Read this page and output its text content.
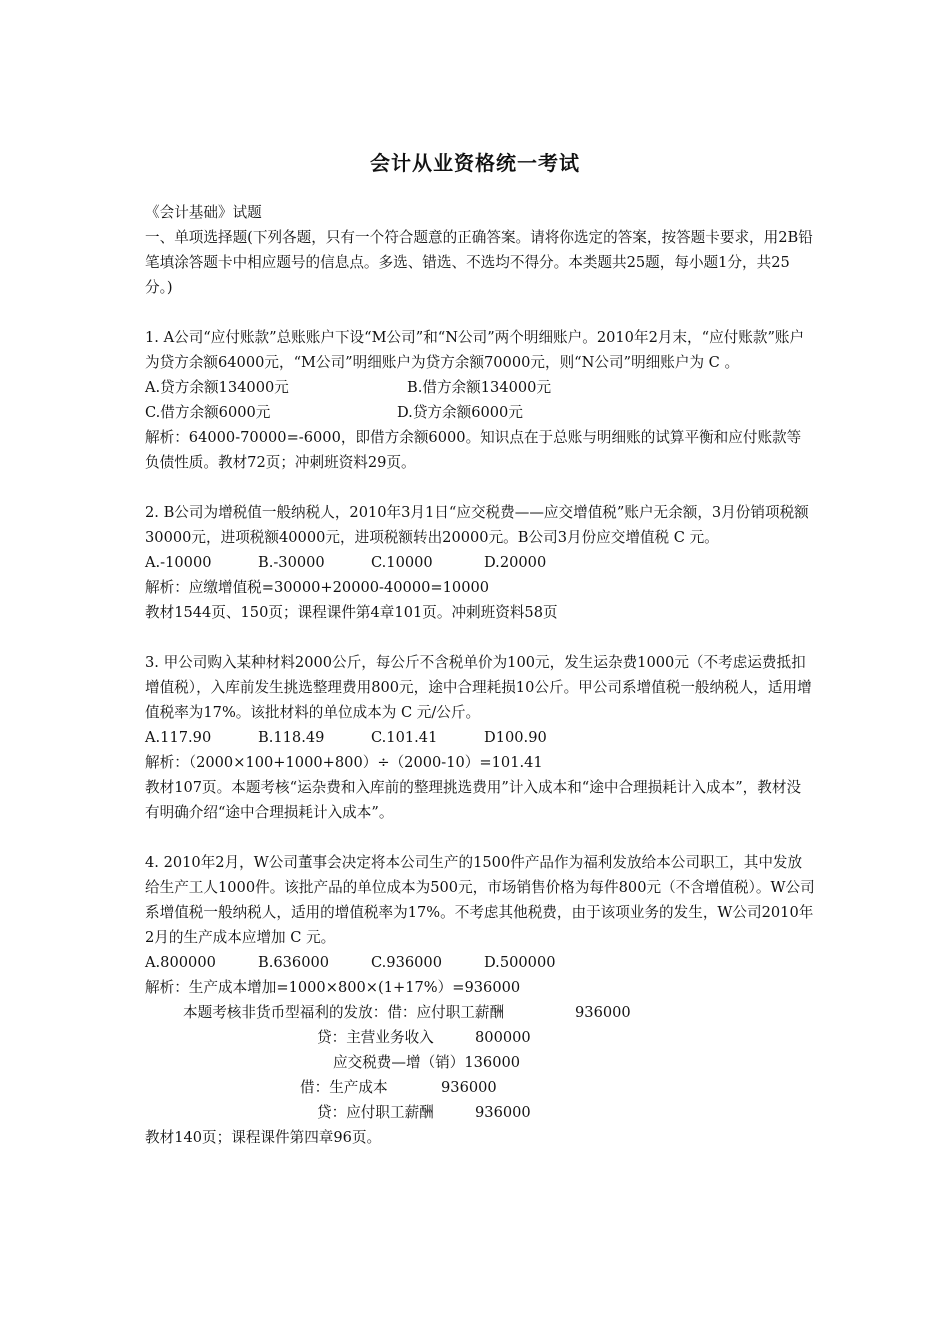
会计从业资格统一考试

《会计基础》试题

一、单项选择题(下列各题，只有一个符合题意的正确答案。请将你选定的答案，按答题卡要求，用2B铅笔填涂答题卡中相应题号的信息点。多选、错选、不选均不得分。本类题共25题，每小题1分，共25分。)

1. A公司“应付账款”总账账户下设“M公司”和“N公司”两个明细账户。2010年2月末，“应付账款”账户为贷方余额64000元，“M公司”明细账户为贷方余额70000元，则“N公司”明细账户为 C 。

A.贷方余额134000元	B.借方余额134000元
C.借方余额6000元	D.贷方余额6000元

解析：64000-70000=-6000，即借方余额6000。知识点在于总账与明细账的试算平衡和应付账款等负债性质。教材72页；冲刺班资料29页。

2. B公司为增税值一般纳税人，2010年3月1日“应交税费——应交增值税”账户无余额，3月份销项税额30000元，进项税额40000元，进项税额转出20000元。B公司3月份应交增值税 C 元。

A.-10000	B.-30000	C.10000	D.20000

解析：应缴增值税=30000+20000-40000=10000

教材1544页、150页；课程课件第4章101页。冲刺班资料58页

3. 甲公司购入某种材料2000公斤，每公斤不含税单价为100元，发生运杂费1000元（不考虑运费抵扣增值税），入库前发生挑选整理费用800元，途中合理耗损10公斤。甲公司系增值税一般纳税人，适用增值税率为17%。该批材料的单位成本为 C 元/公斤。

A.117.90	B.118.49	C.101.41	D100.90

解析：（2000×100+1000+800）÷（2000-10）=101.41

教材107页。本题考核“运杂费和入库前的整理挑选费用”计入成本和“途中合理损耗计入成本”，教材没有明确介绍“途中合理损耗计入成本”。

4. 2010年2月，W公司董事会决定将本公司生产的1500件产品作为福利发放给本公司职工，其中发放给生产工人1000件。该批产品的单位成本为500元，市场销售价格为每件800元（不含增值税）。W公司系增值税一般纳税人，适用的增值税率为17%。不考虑其他税费，由于该项业务的发生，W公司2010年2月的生产成本应增加 C 元。

A.800000	B.636000	C.936000	D.500000

解析：生产成本增加=1000×800×(1+17%）=936000

本题考核非货币型福利的发放：借：应付职工薪酬	936000
贷：主营业务收入	800000
应交税费—增（销）136000
借：生产成本	936000
贷：应付职工薪酬	936000

教材140页；课程课件第四章96页。
